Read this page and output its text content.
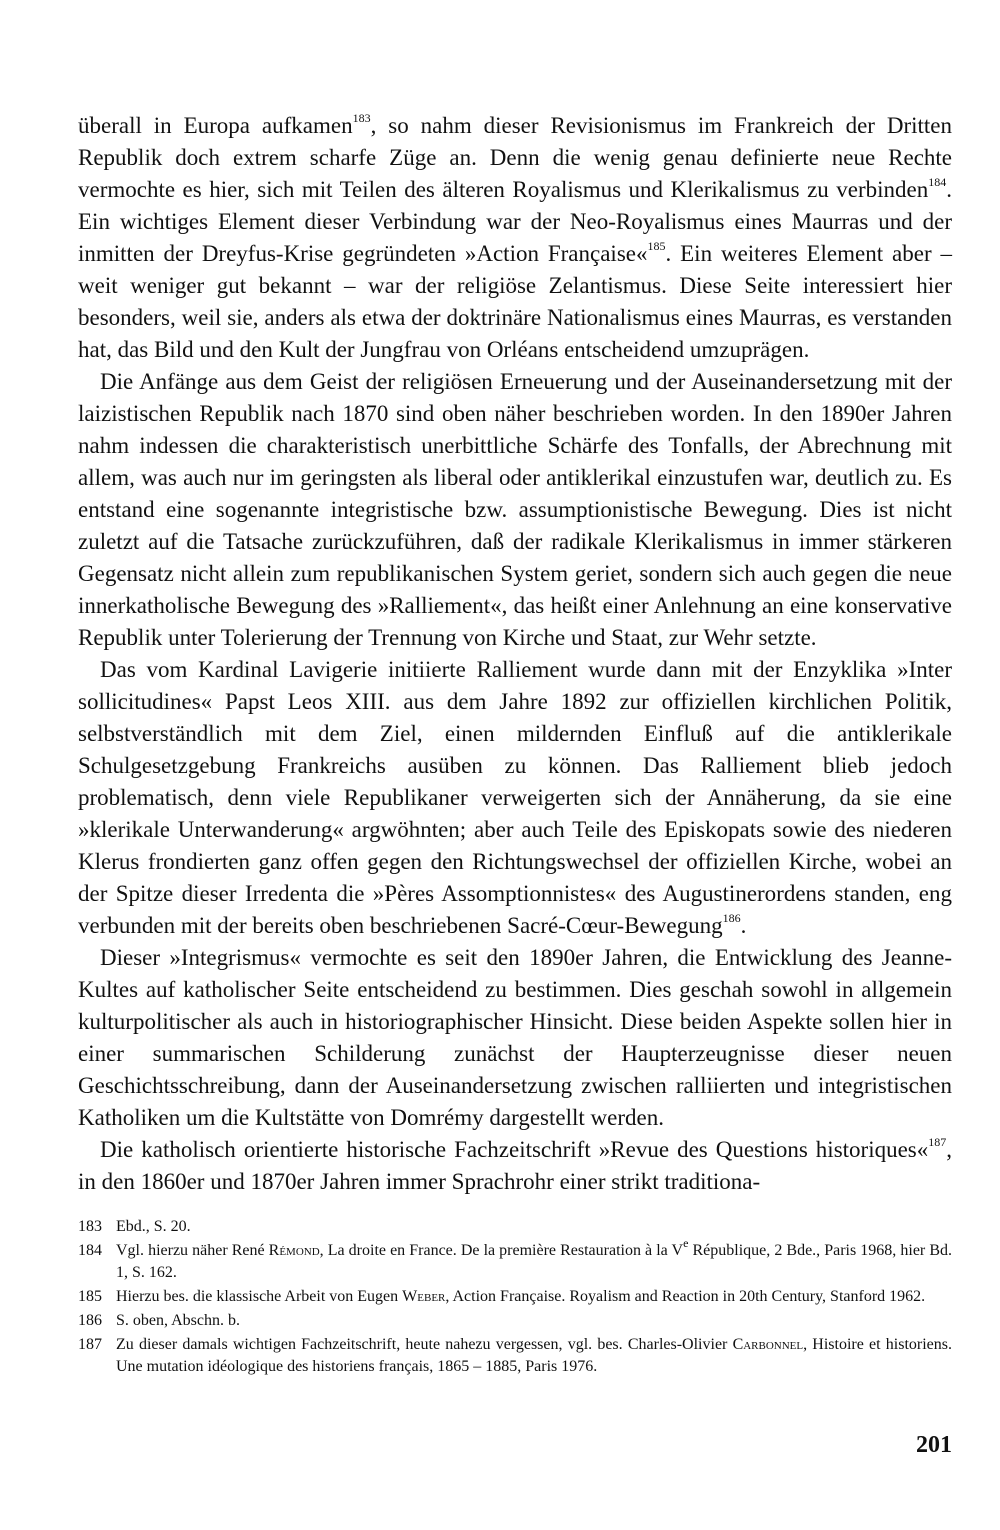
überall in Europa aufkamen$^{183}$, so nahm dieser Revisionismus im Frankreich der Dritten Republik doch extrem scharfe Züge an. Denn die wenig genau definierte neue Rechte vermochte es hier, sich mit Teilen des älteren Royalismus und Klerikalismus zu verbinden$^{184}$. Ein wichtiges Element dieser Verbindung war der Neo-Royalismus eines Maurras und der inmitten der Dreyfus-Krise gegründeten »Action Française«$^{185}$. Ein weiteres Element aber – weit weniger gut bekannt – war der religiöse Zelantismus. Diese Seite interessiert hier besonders, weil sie, anders als etwa der doktrinäre Nationalismus eines Maurras, es verstanden hat, das Bild und den Kult der Jungfrau von Orléans entscheidend umzuprägen.

Die Anfänge aus dem Geist der religiösen Erneuerung und der Auseinandersetzung mit der laizistischen Republik nach 1870 sind oben näher beschrieben worden. In den 1890er Jahren nahm indessen die charakteristisch unerbittliche Schärfe des Tonfalls, der Abrechnung mit allem, was auch nur im geringsten als liberal oder antiklerikal einzustufen war, deutlich zu. Es entstand eine sogenannte integristische bzw. assumptionistische Bewegung. Dies ist nicht zuletzt auf die Tatsache zurückzuführen, daß der radikale Klerikalismus in immer stärkeren Gegensatz nicht allein zum republikanischen System geriet, sondern sich auch gegen die neue innerkatholische Bewegung des »Ralliement«, das heißt einer Anlehnung an eine konservative Republik unter Tolerierung der Trennung von Kirche und Staat, zur Wehr setzte.

Das vom Kardinal Lavigerie initiierte Ralliement wurde dann mit der Enzyklika »Inter sollicitudines« Papst Leos XIII. aus dem Jahre 1892 zur offiziellen kirchlichen Politik, selbstverständlich mit dem Ziel, einen mildernden Einfluß auf die antiklerikale Schulgesetzgebung Frankreichs ausüben zu können. Das Ralliement blieb jedoch problematisch, denn viele Republikaner verweigerten sich der Annäherung, da sie eine »klerikale Unterwanderung« argwöhnten; aber auch Teile des Episkopats sowie des niederen Klerus frondierten ganz offen gegen den Richtungswechsel der offiziellen Kirche, wobei an der Spitze dieser Irredenta die »Pères Assomptionnistes« des Augustinerordens standen, eng verbunden mit der bereits oben beschriebenen Sacré-Cœur-Bewegung$^{186}$.

Dieser »Integrismus« vermochte es seit den 1890er Jahren, die Entwicklung des Jeanne-Kultes auf katholischer Seite entscheidend zu bestimmen. Dies geschah sowohl in allgemein kulturpolitischer als auch in historiographischer Hinsicht. Diese beiden Aspekte sollen hier in einer summarischen Schilderung zunächst der Haupterzeugnisse dieser neuen Geschichtsschreibung, dann der Auseinandersetzung zwischen ralliierten und integristischen Katholiken um die Kultstätte von Domrémy dargestellt werden.

Die katholisch orientierte historische Fachzeitschrift »Revue des Questions historiques«$^{187}$, in den 1860er und 1870er Jahren immer Sprachrohr einer strikt traditiona-

183 Ebd., S. 20.
184 Vgl. hierzu näher René Rémond, La droite en France. De la première Restauration à la Ve République, 2 Bde., Paris 1968, hier Bd. 1, S. 162.
185 Hierzu bes. die klassische Arbeit von Eugen Weber, Action Française. Royalism and Reaction in 20th Century, Stanford 1962.
186 S. oben, Abschn. b.
187 Zu dieser damals wichtigen Fachzeitschrift, heute nahezu vergessen, vgl. bes. Charles-Olivier Carbonnel, Histoire et historiens. Une mutation idéologique des historiens français, 1865 – 1885, Paris 1976.
201
